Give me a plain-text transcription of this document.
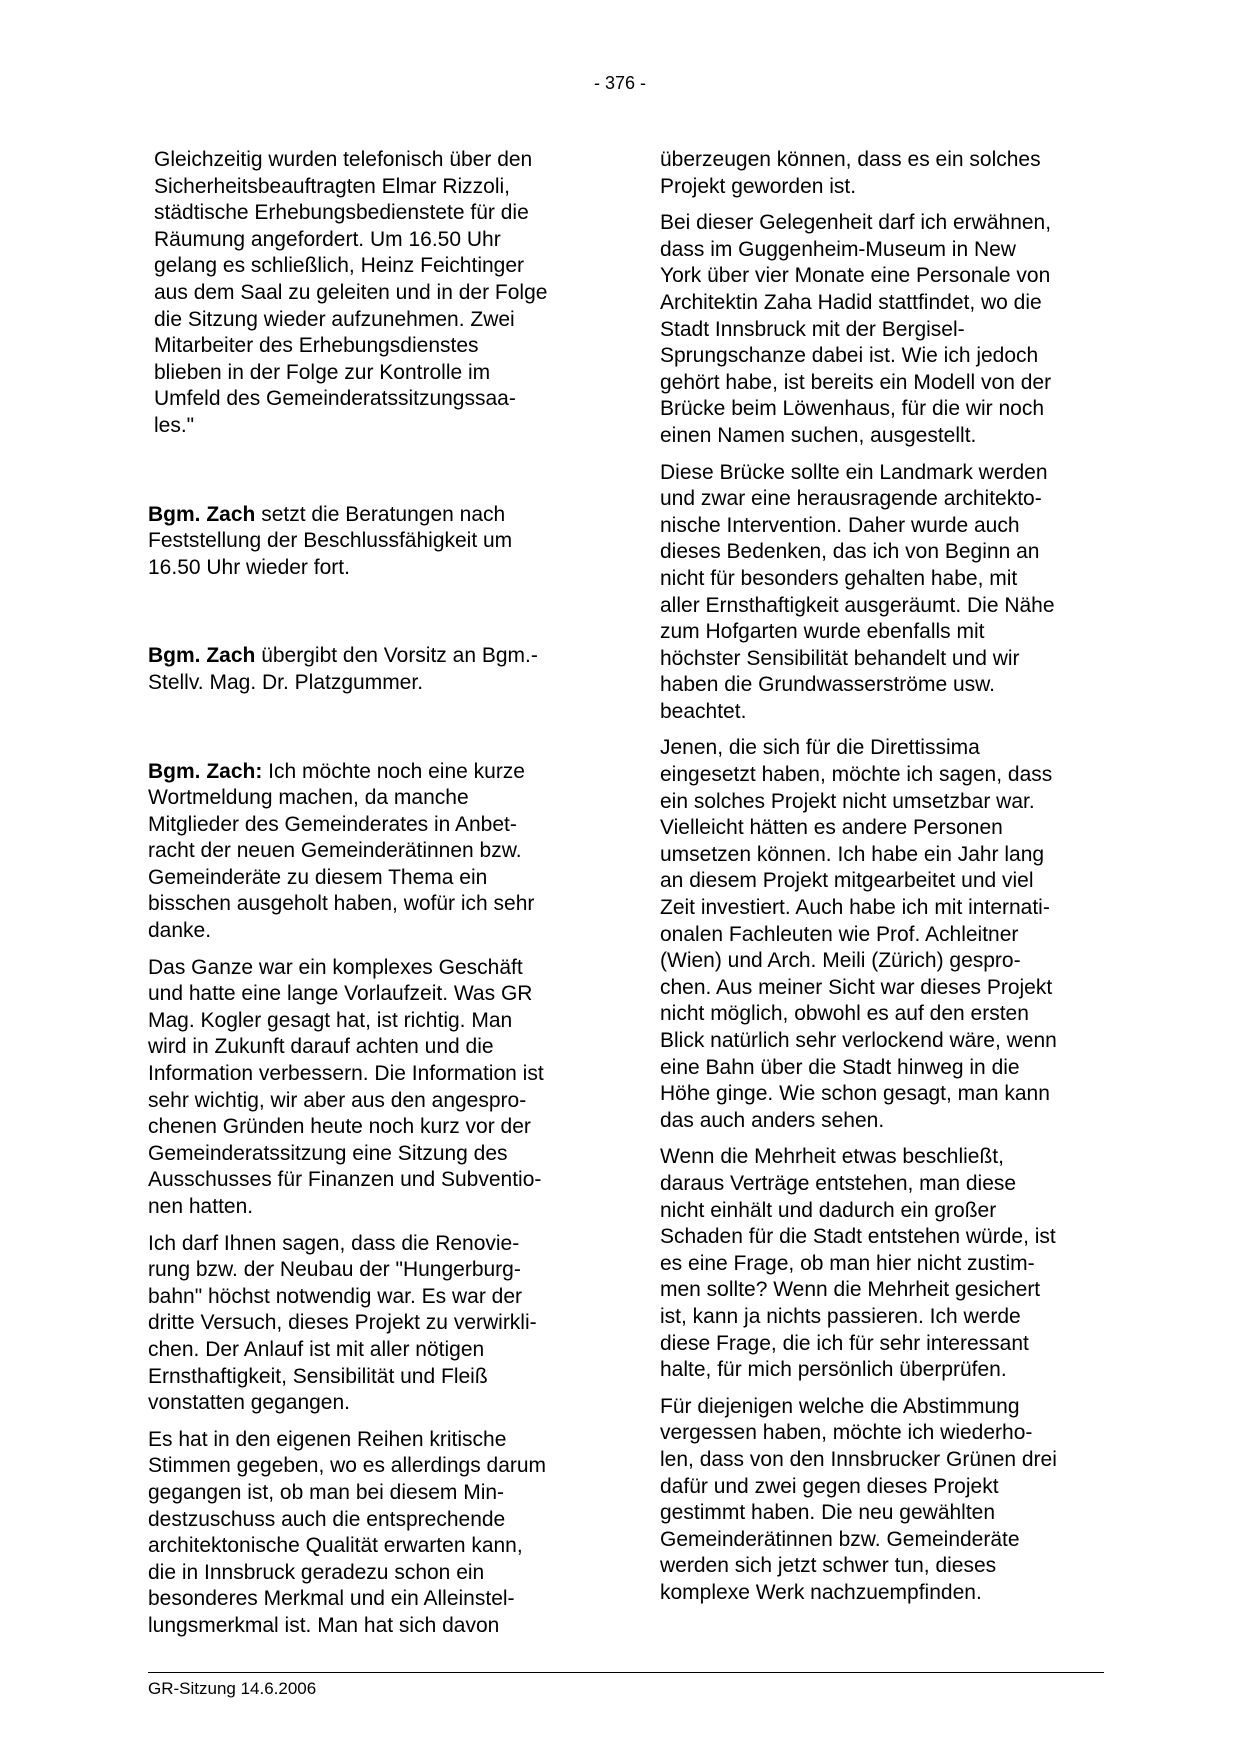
- 376 -
Gleichzeitig wurden telefonisch über den
Sicherheitsbeauftragten Elmar Rizzoli,
städtische Erhebungsbedienstete für die
Räumung angefordert. Um 16.50 Uhr
gelang es schließlich, Heinz Feichtinger
aus dem Saal zu geleiten und in der Folge
die Sitzung wieder aufzunehmen. Zwei
Mitarbeiter des Erhebungsdienstes
blieben in der Folge zur Kontrolle im
Umfeld des Gemeinderatssitzungssaa-
les."
Bgm. Zach setzt die Beratungen nach
Feststellung der Beschlussfähigkeit um
16.50 Uhr wieder fort.
Bgm. Zach übergibt den Vorsitz an Bgm.-
Stellv. Mag. Dr. Platzgummer.
Bgm. Zach: Ich möchte noch eine kurze
Wortmeldung machen, da manche
Mitglieder des Gemeinderates in Anbet-
racht der neuen Gemeinderätinnen bzw.
Gemeinderäte zu diesem Thema ein
bisschen ausgeholt haben, wofür ich sehr
danke.
Das Ganze war ein komplexes Geschäft
und hatte eine lange Vorlaufzeit. Was GR
Mag. Kogler gesagt hat, ist richtig. Man
wird in Zukunft darauf achten und die
Information verbessern. Die Information ist
sehr wichtig, wir aber aus den angespro-
chenen Gründen heute noch kurz vor der
Gemeinderatssitzung eine Sitzung des
Ausschusses für Finanzen und Subventio-
nen hatten.
Ich darf Ihnen sagen, dass die Renovie-
rung bzw. der Neubau der "Hungerburg-
bahn" höchst notwendig war. Es war der
dritte Versuch, dieses Projekt zu verwirkli-
chen. Der Anlauf ist mit aller nötigen
Ernsthaftigkeit, Sensibilität und Fleiß
vonstatten gegangen.
Es hat in den eigenen Reihen kritische
Stimmen gegeben, wo es allerdings darum
gegangen ist, ob man bei diesem Min-
destzuschuss auch die entsprechende
architektonische Qualität erwarten kann,
die in Innsbruck geradezu schon ein
besonderes Merkmal und ein Alleinstel-
lungsmerkmal ist. Man hat sich davon
überzeugen können, dass es ein solches
Projekt geworden ist.
Bei dieser Gelegenheit darf ich erwähnen,
dass im Guggenheim-Museum in New
York über vier Monate eine Personale von
Architektin Zaha Hadid stattfindet, wo die
Stadt Innsbruck mit der Bergisel-
Sprungschanze dabei ist. Wie ich jedoch
gehört habe, ist bereits ein Modell von der
Brücke beim Löwenhaus, für die wir noch
einen Namen suchen, ausgestellt.
Diese Brücke sollte ein Landmark werden
und zwar eine herausragende architekto-
nische Intervention. Daher wurde auch
dieses Bedenken, das ich von Beginn an
nicht für besonders gehalten habe, mit
aller Ernsthaftigkeit ausgeräumt. Die Nähe
zum Hofgarten wurde ebenfalls mit
höchster Sensibilität behandelt und wir
haben die Grundwasserströme usw.
beachtet.
Jenen, die sich für die Direttissima
eingesetzt haben, möchte ich sagen, dass
ein solches Projekt nicht umsetzbar war.
Vielleicht hätten es andere Personen
umsetzen können. Ich habe ein Jahr lang
an diesem Projekt mitgearbeitet und viel
Zeit investiert. Auch habe ich mit internati-
onalen Fachleuten wie Prof. Achleitner
(Wien) und Arch. Meili (Zürich) gespro-
chen. Aus meiner Sicht war dieses Projekt
nicht möglich, obwohl es auf den ersten
Blick natürlich sehr verlockend wäre, wenn
eine Bahn über die Stadt hinweg in die
Höhe ginge. Wie schon gesagt, man kann
das auch anders sehen.
Wenn die Mehrheit etwas beschließt,
daraus Verträge entstehen, man diese
nicht einhält und dadurch ein großer
Schaden für die Stadt entstehen würde, ist
es eine Frage, ob man hier nicht zustim-
men sollte? Wenn die Mehrheit gesichert
ist, kann ja nichts passieren. Ich werde
diese Frage, die ich für sehr interessant
halte, für mich persönlich überprüfen.
Für diejenigen welche die Abstimmung
vergessen haben, möchte ich wiederho-
len, dass von den Innsbrucker Grünen drei
dafür und zwei gegen dieses Projekt
gestimmt haben. Die neu gewählten
Gemeinderätinnen bzw. Gemeinderäte
werden sich jetzt schwer tun, dieses
komplexe Werk nachzuempfinden.
GR-Sitzung 14.6.2006
